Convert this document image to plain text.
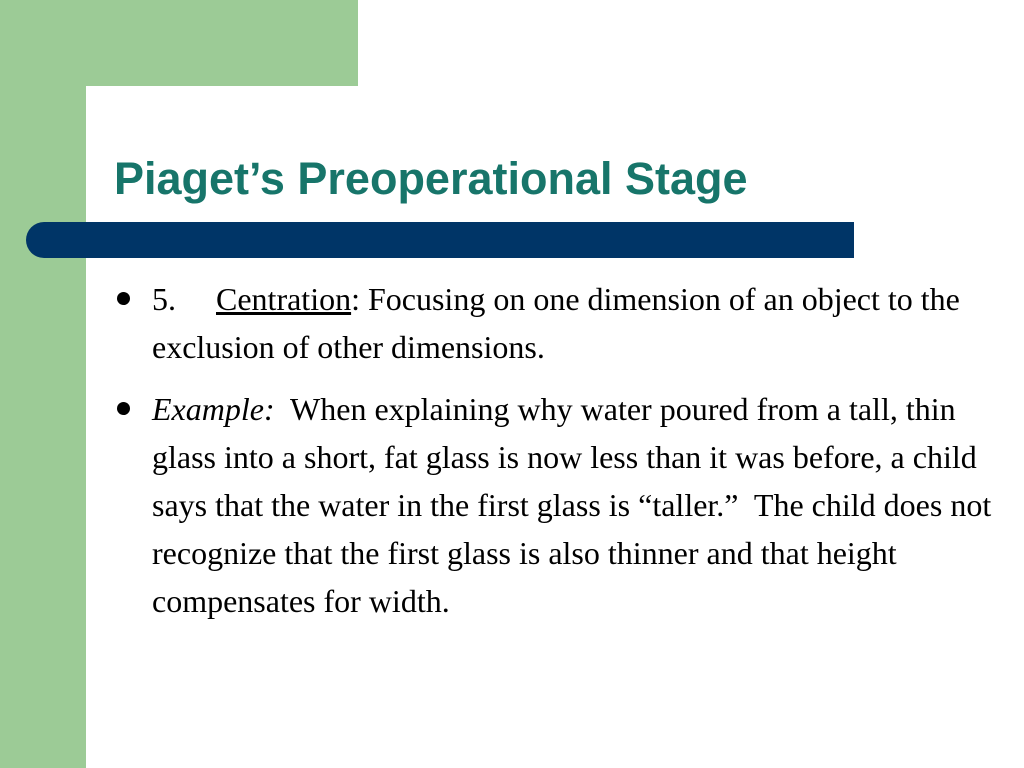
Piaget’s Preoperational Stage
5. Centration: Focusing on one dimension of an object to the exclusion of other dimensions.
Example:  When explaining why water poured from a tall, thin glass into a short, fat glass is now less than it was before, a child says that the water in the first glass is “taller.”  The child does not recognize that the first glass is also thinner and that height compensates for width.
